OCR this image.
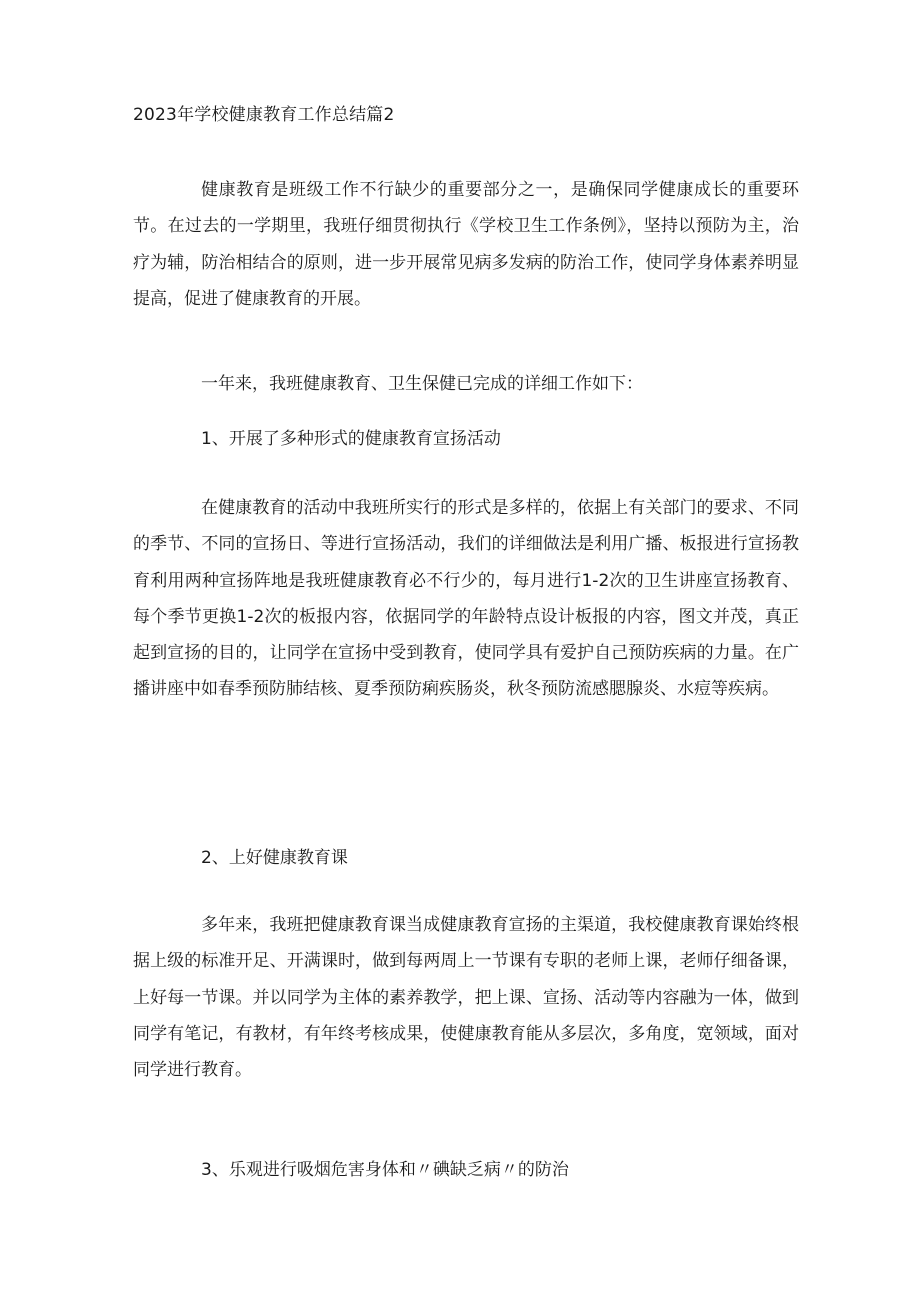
2023年学校健康教育工作总结篇2

健康教育是班级工作不行缺少的重要部分之一，是确保同学健康成长的重要环节。在过去的一学期里，我班仔细贯彻执行《学校卫生工作条例》，坚持以预防为主，治疗为辅，防治相结合的原则，进一步开展常见病多发病的防治工作，使同学身体素养明显提高，促进了健康教育的开展。

一年来，我班健康教育、卫生保健已完成的详细工作如下：

1、开展了多种形式的健康教育宣扬活动

在健康教育的活动中我班所实行的形式是多样的，依据上有关部门的要求、不同的季节、不同的宣扬日、等进行宣扬活动，我们的详细做法是利用广播、板报进行宣扬教育利用两种宣扬阵地是我班健康教育必不行少的，每月进行1-2次的卫生讲座宣扬教育、每个季节更换1-2次的板报内容，依据同学的年龄特点设计板报的内容，图文并茂，真正起到宣扬的目的，让同学在宣扬中受到教育，使同学具有爱护自己预防疾病的力量。在广播讲座中如春季预防肺结核、夏季预防痢疾肠炎，秋冬预防流感腮腺炎、水痘等疾病。

2、上好健康教育课

多年来，我班把健康教育课当成健康教育宣扬的主渠道，我校健康教育课始终根据上级的标准开足、开满课时，做到每两周上一节课有专职的老师上课，老师仔细备课，上好每一节课。并以同学为主体的素养教学，把上课、宣扬、活动等内容融为一体，做到同学有笔记，有教材，有年终考核成果，使健康教育能从多层次，多角度，宽领域，面对同学进行教育。

3、乐观进行吸烟危害身体和〃碘缺乏病〃的防治
